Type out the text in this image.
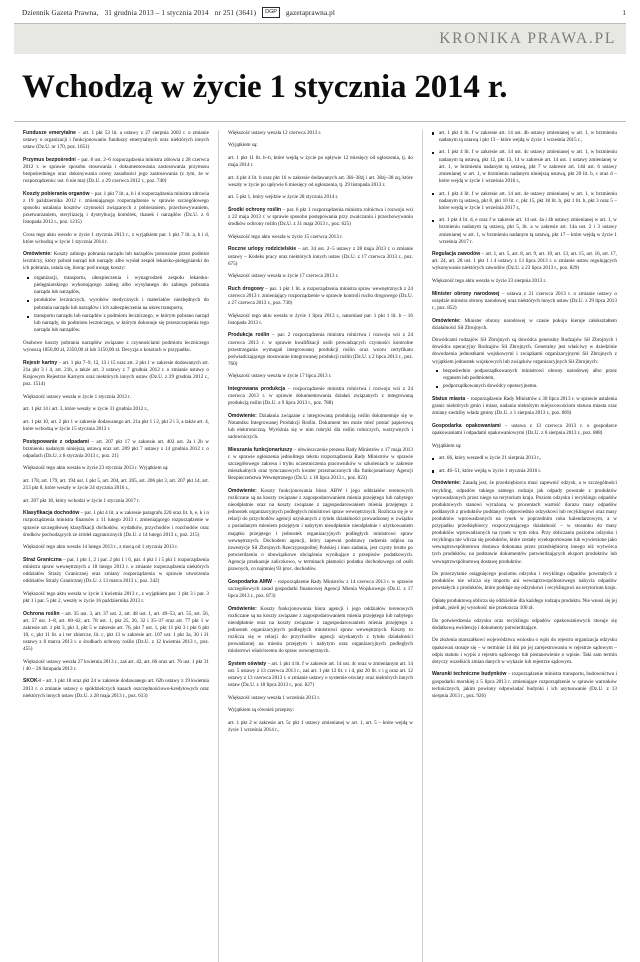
Dziennik Gazeta Prawna, 31 grudnia 2013 – 1 stycznia 2014 nr 251 (3641)	DGP	gazetaprawna.pl	1
KRONIKA PRAWA.PL
Wchodzą w życie 1 stycznia 2014 r.

Fundusze emerytalne – art. 1 pkt 53 lit. a ustawy z 27 sierpnia 2003 r. o zmianie ustawy o organizacji i funkcjonowaniu funduszy emerytalnych oraz niektórych innych ustaw (Dz.U. nr 170, poz. 1651)

Przymus bezpośredni – par. 8 ust. 2–6 rozporządzenia ministra zdrowia z 28 czerwca 2012 r. w sprawie sposobu stosowania i dokumentowania zastosowania przymusu bezpośredniego oraz dokonywania oceny zasadności jego zastosowania (z tym, że w rozporządzeniu: ust. 6 nie ma) (Dz.U. z 29 czerwca 2012 r., poz. 740)

Koszty pobierania organów – par. 1 pkt 7 lit. a, b i d rozporządzenia ministra zdrowia z 19 października 2012 r. zmieniającego rozporządzenie w sprawie szczegółowego sposobu ustalania kosztów czynności związanych z pobieraniem, przechowywaniem, przetwarzaniem, sterylizacją i dystrybucją komórek, tkanek i narządów (Dz.U. z 6 listopada 2012 r., poz. 1215)

Cross tego aktu weszło w życie 1 stycznia 2013 r., z wyjątkiem par. 1 pkt 7 lit. a, b i d, które wchodzą w życie 1 stycznia 2014 r.

Omówienie: Koszty zabiegu pobrania narządu lub narządów ponoszone przez podmiot leczniczy, który pobrał narząd lub narządy albo wysłał zespół lekarsko-pielęgniarski do ich pobrania, ustala się, biorąc pod uwagę koszty:

organizacji, transportu, ubezpieczenia i wynagrodzeń zespołu lekarsko-pielęgniarskiego wykonującego zabieg albo wysyłanego do zabiegu pobrania narządu lub narządów,
produktów leczniczych, wyrobów medycznych i materiałów niezbędnych do pobrania narządu lub narządów i ich zabezpieczenia na okres transportu,
transportu narządu lub narządów z podmiotu leczniczego, w którym pobrano narząd lub narządy, do podmiotu leczniczego, w którym dokonuje się przeszczepienia tego narządu lub narządów.

Osobowe koszty pobrania narządów związane z czynnościami podmiotu leczniczego wynoszą 1850,00 zł, 2350,00 zł lub 3150,00 zł. Decyzja o kosztach w przypadku.

Rejestr kartny – art. 1 pkt 7–9, 12, 13 i 15 oraz art. 2 pkt 1 w zakresie dodawanych art. 21a pkt 3 i 4, art. 21b, a także art. 3 ustawy z 7 grudnia 2012 r. o zmianie ustawy o Krajowym Rejestrze Karnym oraz niektórych innych ustaw (Dz.U. z 29 grudnia 2012 r., poz. 1514)

Większość ustawy weszła w życie 1 stycznia 2013 r.

art. 1 pkt 14 i art. 3, które weszły w życie 31 grudnia 2012 r.,

art. 1 pkt 10, art. 2 pkt 1 w zakresie dodawanego art. 21a pkt 1 i 2, pkt 2 i 3, a także art. 4, które wchodzą w życie 15 stycznia 2013 r.

Postępowanie z odpadami – art. 207 pkt 17 w zakresie art. 402 ust. 2a i 2b w brzmieniu nadanym niniejszą ustawą oraz art. 209 pkt 7 ustawy z 14 grudnia 2012 r. o odpadach (Dz.U. z 8 stycznia 2013 r., poz. 21)

Większość tego aktu weszła w życie 23 stycznia 2013 r. Wyjątkiem są:

art. 178, art. 179, art. 194 ust. 1 pkt 5, art. 204, art. 205, art. 206 pkt 3, art. 207 pkt 14, art. 213 pkt 8, które weszły w życie 24 stycznia 2016 r.,

art. 207 pkt 18, który wchodzi w życie 1 stycznia 2017 r.

Klasyfikacja dochodów – par. 1 pkt 4 lit. a w zakresie paragrafu 220 oraz lit. b, e, k i n rozporządzenia ministra finansów z 11 lutego 2013 r. zmieniającego rozporządzenie w sprawie szczegółowej klasyfikacji dochodów, wydatków, przychodów i rozchodów oraz środków pochodzących ze źródeł zagranicznych (Dz.U. z 14 lutego 2013 r., poz. 215)

Większość tego aktu weszła 14 lutego 2013 r., z mocą od 1 stycznia 2013 r.

Straż Graniczna – par. 1 pkt 1, 2 i par. 2 pkt 1 i 6, par. 4 pkt 1 i 5 pkt 1 rozporządzenia ministra spraw wewnętrznych z 18 lutego 2013 r. o zmianie rozporządzenia niektórych oddziałów Straży Granicznej oraz zmiany rozporządzenia w sprawie utworzenia oddziałów Straży Granicznej (Dz.U. z 13 marca 2013 r., poz. 342)

Większość tego aktu weszła w życie 1 kwietnia 2013 r., z wyjątkiem par. 1 pkt 3 i par. 3 pkt 1 i par. 5 pkt 2, weszły w życie 16 października 2013 r.

Ochrona roślin – art. 35 ust. 3, art. 37 ust. 2, art. 48 ust. 1, art. 49–53, art. 55, art. 56, art. 57 ust. 1–8, art. 60–62, art. 78 ust. 1, pkt 25, 26, 32 i 35–37 oraz art. 77 pkt 1 w zakresie art. 1 pkt 3, pkt 3, pkt 5 w zakresie art. 76, pkt 7 ust. 1, pkt 11 pkt 3 i pkt 6 pkt 10, c, pkt 11 lit. a i ter zbiorcze, lit. c, pkt 13 w zakresie art. 107 ust. 1 pkt 3a, 30 i 31 ustawy z 8 marca 2013 r. o środkach ochrony roślin (Dz.U. z 12 kwietnia 2013 r., poz. 455)

Większość ustawy weszła 27 kwietnia 2013 r., zaś art. 42, art. 66 oraz art. 76 ust. 1 pkt 31 i 40 – 26 listopada 2013 r.

SKOK-i – art. 1 pkt 18 oraz pkt 24 w zakresie dodawanego art. 62b ustawy z 19 kwietnia 2013 r. o zmianie ustawy o spółdzielczych kasach oszczędnościowo-kredytowych oraz niektórych innych ustaw (Dz.U. z 28 maja 2013 r., poz. 613)

Większość ustawy weszła 12 czerwca 2013 r.

Wyjątkiem są:

art. 1 pkt 11 lit. b–h, które wejdą w życie po upływie 12 miesięcy od ogłoszenia, tj. do maja 2014 r.

art. 4 pkt 4 lit. b oraz pkt 16 w zakresie dodawanych art. 38i–38zj i art. 38zj–38 zq, które weszły w życie po upływie 6 miesięcy od ogłoszenia, tj. 29 listopada 2013 r.

art. 5 pkt 1, który wejdzie w życie 28 stycznia 2014 r.

Środki ochrony roślin – par. 6 pkt 1 rozporządzenia ministra rolnictwa i rozwoju wsi z 22 maja 2013 r. w sprawie sposobu postępowania przy zwalczaniu i przechowywaniu środków ochrony roślin (Dz.U. z 31 maja 2013 r., poz. 625)

Większość tego aktu weszła w życie 15 czerwca 2013 r.

Roczne urlopy rodzicielskie – art. 34 ust. 2–5 ustawy z 28 maja 2013 r. o zmianie ustawy – Kodeks pracy oraz niektórych innych ustaw (Dz.U. z 17 czerwca 2013 r., poz. 675)

Większość ustawy weszła w życie 17 czerwca 2013 r.

Ruch drogowy – par. 1 pkt 1 lit. a rozporządzenia ministra spraw wewnętrznych z 24 czerwca 2013 r. zmieniający rozporządzenie w sprawie kontroli ruchu drogowego (Dz.U. z 27 czerwca 2013 r., poz. 730)

Większość tego aktu weszła w życie 1 lipca 2013 r., natomiast par. 1 pkt 1 lit. b – 16 listopada 2013 r.

Produkcja roślin – par. 2 rozporządzenia ministra rolnictwa i rozwoju wsi z 24 czerwca 2013 r. w sprawie kwalifikacji osób prowadzących czynności kontrolne przestrzegania wymagań integrowanej produkcji roślin oraz wzoru certyfikatu poświadczającego stosowanie integrowanej produkcji roślin (Dz.U. z 2 lipca 2013 r., poz. 760)

Większość ustawy weszła w życie 17 lipca 2013 r.

Integrowana produkcja – rozporządzenie ministra rolnictwa i rozwoju wsi z 24 czerwca 2013 r. w sprawie dokumentowania działań związanych z integrowaną produkcją roślin (Dz.U. z 9 lipca 2013 r., poz. 788)

Omówienie: Działania związane z integrowaną produkcją roślin dokumentuje się w Notatniku Integrowanej Produkcji Roślin. Dokument ten może mieć postać papierową lub elektroniczną. Wyróżnia się w nim rubryki dla roślin rolniczych, warzywnych i sadowniczych.

Mieszania funkcjonariuszy – obwieszczenie prezesa Rady Ministrów z 17 maja 2013 r. w sprawie ogłoszenia jednolitego tekstu rozporządzenia Rady Ministrów w sprawie szczegółowego zakresu i trybu uczestniczenia pracowników w szkoleniach w zakresie mieszkalnych oraz tymczasowych kwater przeznaczonych dla funkcjonariuszy Agencji Bezpieczeństwa Wewnętrznego (Dz.U. z 18 lipca 2013 r., poz. 823)

Omówienie: Koszty funkcjonowania biura ABW i jego oddziałów terenowych rozliczane są na koszty związane z zagospodarowaniem mienia przejętego lub nabytego nieodpłatnie oraz na koszty związane z zagospodarowaniem mienia przejętego z jednostek organizacyjnych podległych ministrowi spraw wewnętrznych. Rozlicza się je w relacji do przychodów agencji uzyskanych z tytułu działalności prowadzonej w związku z posiadanym mieniem przejętym i nabytym nieodpłatnie nieodpłatnie i użytkowaniem majątku przejętego i jednostek organizacyjnych podległych ministrowi spraw wewnętrznych. Dochodem agencji, który zapewni podstawy radzenia odpisu na inwestycje Sił Zbrojnych Rzeczypospolitej Polskiej i inne zadania, jest czysty brutto po potwierdzeniu o obowiązkowe obciążenia wynikające z przepisów podatkowych. Agencja przekazuje zaliczkowo, w terminach płatności podatku dochodowego od osób prawnych, co najmniej 93 proc. dochodów.

Gospodarka AMW – rozporządzenie Rady Ministrów z 14 czerwca 2013 r. w sprawie szczegółowych zasad gospodarki finansowej Agencji Mienia Wojskowego (Dz.U. z 17 lipca 2013 r., poz. 873)

Omówienie: Koszty funkcjonowania biura agencji i jego oddziałów terenowych rozliczane są na koszty związane z zagospodarowaniem mienia przejętego lub nabytego nieodpłatnie oraz na koszty związane z zagospodarowaniem mienia przejętego z jednostek organizacyjnych podległych ministrowi spraw wewnętrznych. Koszty to rozlicza się w relacji do przychodów agencji uzyskanych z tytułu działalności prowadzonej na mieniu przejętym i nabytym oraz organizacyjnych podległych ministrowi właściwemu do spraw wewnętrznych.

System oświaty – art. 1 pkt 4 lit. f w zakresie art. 14 ust. 4c oraz w zmienianym art. 14 ust. 5 ustawy z 13 czerwca 2013 r., zaś art. 1 pkt 12 lit. c i d, pkt 20 lit. c i g oraz art. 12 ustawy z 13 czerwca 2013 r. o zmianie ustawy o systemie oświaty oraz niektórych innych ustaw (Dz.U. z 18 lipca 2013 r., poz. 827)

Większość ustawy weszła 1 września 2013 r.

Wyjątkiem są również przepisy:

art. 1 pkt 2 w zakresie art. 5c pkt 1 ustawy zmienianej w art. 1, art. 5 – które wejdą w życie 1 września 2014 r.,

art. 1 pkt 4 lit. f w zakresie art. 14 ust. 4b ustawy zmienianej w art. 1, w brzmieniu nadanym tą ustawą i pkt 13 – które wejdą w życie 1 września 2015 r.,

art. 1 pkt 4 lit. f w zakresie art. 14 ust. 4c ustawy zmienianej w art. 1, w brzmieniu nadanym tą ustawą, pkt 12, pkt 13, 14 w zakresie art. 14 ust. 1 ustawy zmienianej w art. 1, w brzmieniu nadanym tą ustawą, pkt 7 w zakresie art. 14d ust. 6 ustawy zmienianej w art. 1, w brzmieniu nadanym niniejszą ustawą, pkt 20 lit. b, c oraz d – które wejdą w życie 1 września 2016 r.,

art. 1 pkt 4 lit. f w zakresie art. 14 ust. 4e ustawy zmienianej w art. 1, w brzmieniu nadanym tą ustawą, pkt 8, pkt 10 lit. c, pkt 15, pkt 18 lit. b, pkt 1 lit. b, pkt 3 oraz 5 – które wejdą w życie 1 września 2017 r.,

art. 1 pkt 4 lit. d, e oraz f w zakresie art. 14 ust. 4a i 4b ustawy zmienianej w art. 1, w brzmieniu nadanym tą ustawą, pkt 5, lit. a w zakresie art. 14a ust. 2 i 3 ustawy zmienianej w art. 1, w brzmieniu nadanym tą ustawą, pkt 17 – które wejdą w życie 1 września 2017 r.

Regulacja zawodów – art. 1, art. 5, art. 8, art. 9, art. 10, art. 13, art. 15, art. 16, art. 17, art. 24, art. 28 ust. 1 pkt 1 i 4 ustawy z 13 lipca 2013 r. o zmianie ustaw regulujących wykonywanie niektórych zawodów (Dz.U. z 23 lipca 2013 r., poz. 829)

Większość tego aktu weszła w życie 23 sierpnia 2013 r.

Minister obrony narodowej – ustawa z 21 czerwca 2013 r. o zmianie ustawy o urzędzie ministra obrony narodowej oraz niektórych innych ustaw (Dz.U. z 29 lipca 2013 r., poz. 852)

Omówienie: Minister obrony narodowej w czasie pokoju kieruje całokształtem działalności Sił Zbrojnych.

Dowódcami rodzajów Sił Zbrojnych są dowódca generalny Rodzajów Sił Zbrojnych i dowódca operacyjny Rodzajów Sił Zbrojnych. Generalny jest właściwy w dziedzinie dowodzenia jednostkami wojskowymi i związkami organizacyjnymi Sił Zbrojnych z wyjątkiem jednostek wojskowych lub związków organizacyjnych Sił Zbrojnych:

bezpośrednio podporządkowanych ministrowi obrony narodowej albo przez organem lub podmiotem,
podporządkowanych dowódcy operacyjnemu.

Status miasta – rozporządzenie Rady Ministrów z 30 lipca 2013 r. w sprawie ustalenia granic niektórych gmin i miast, nadania niektórym miejscowościom statusu miasta oraz zmiany siedziby władz gminy (Dz.U. z 1 sierpnia 2013 r., poz. 869)

Gospodarka opakowaniami – ustawa z 13 czerwca 2013 r. o gospodarce opakowaniami i odpadami opakowaniowymi (Dz.U. z 6 sierpnia 2013 r., poz. 888)

Wyjątkiem są:

art. 66, który weszedł w życie 21 sierpnia 2013 r.,

art. 46–51, które wejdą w życie 1 stycznia 2016 r.

Omówienie: Zasadą jest, że przedsiębiorca musi zapewnić odzysk, a w szczególności recykling, odpadów takiego samego rodzaju jak odpady powstałe z produktów wprowadzonych przez niego na terytorium kraju. Poziom odzysku i recyklingu odpadów produktowych stanowi wyrażoną w procentach wartość ilorazu masy odpadów poddanych z produktów poddanych odpowiednio odzyskowi lub recyklingowi oraz masy produktów wprowadzonych na rynek w poprzednim roku kalendarzowym, a w przypadku przedsiębiorcy rozpoczynającego działalność – w stosunku do masy produktów wprowadzonych na rynek w tym roku. Przy obliczaniu poziomu odzysku i recyklingu nie wlicza się produktów, które zostały wyeksportowane lub wywiezione jako wewnątrzwspólnotowa dostawa dokonana przez przedsiębiorcę innego niż wytwórca tych produktów, na podstawie dokumentów potwierdzających eksport produktów lub wewnątrzwspólnotową dostawę produktów.

Do przeczytanie osiągnięcego poziomu odzysku i recyklingu odpadów powstałych z produktów nie wlicza się importu ani wewnątrzwspólnotowego nabycia odpadów powstałych z produktów, które poddaje się odzyskowi i recyklingowi na terytorium kraju.

Opłatę produktową oblicza się oddzielnie dla każdego rodzaju produktu. Nie wnosi się jej jednak, jeżeli jej wysokość nie przekracza 100 zł.

Do potwierdzenia odzysku oraz recyklingu odpadów opakowaniowych stosuje się dodatkową ewidencję i dokumenty potwierdzające.

Do złożenia marszałkowi województwa wniosku o wpis do rejestru organizacja odzysku opakowań stosuje się – w terminie 14 dni po jej zarejestrowaniu w rejestrze sądowym – odpis statutu i wypis z rejestru sądowego lub postanowienie o wpisie. Taki sam termin dotyczy wszelkich zmian danych w wykazie lub rejestrze sądowym.

Warunki techniczne budynków – rozporządzenie ministra transportu, budownictwa i gospodarki morskiej z 5 lipca 2013 r. zmieniające rozporządzenie w sprawie warunków technicznych, jakim powinny odpowiadać budynki i ich usytuowanie (Dz.U. z 13 sierpnia 2013 r., poz. 926)
